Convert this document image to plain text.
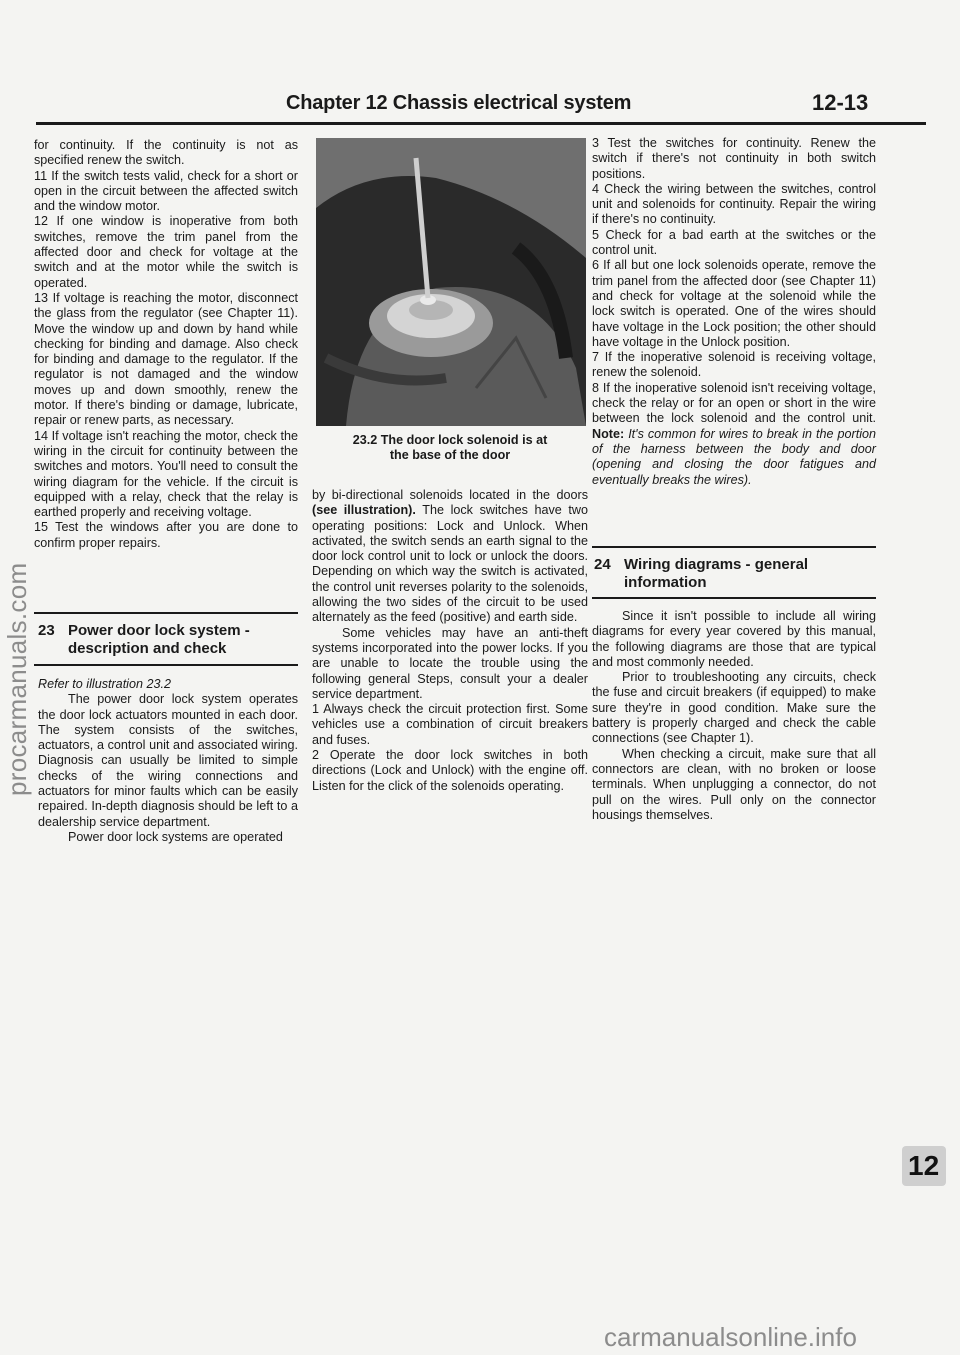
Chapter 12 Chassis electrical system	12-13

for continuity. If the continuity is not as specified renew the switch.

11 If the switch tests valid, check for a short or open in the circuit between the affected switch and the window motor.

12 If one window is inoperative from both switches, remove the trim panel from the affected door and check for voltage at the switch and at the motor while the switch is operated.

13 If voltage is reaching the motor, disconnect the glass from the regulator (see Chapter 11). Move the window up and down by hand while checking for binding and damage. Also check for binding and damage to the regulator. If the regulator is not damaged and the window moves up and down smoothly, renew the motor. If there's binding or damage, lubricate, repair or renew parts, as necessary.

14 If voltage isn't reaching the motor, check the wiring in the circuit for continuity between the switches and motors. You'll need to consult the wiring diagram for the vehicle. If the circuit is equipped with a relay, check that the relay is earthed properly and receiving voltage.

15 Test the windows after you are done to confirm proper repairs.

23 Power door lock system -
description and check

Refer to illustration 23.2

The power door lock system operates the door lock actuators mounted in each door. The system consists of the switches, actuators, a control unit and associated wiring. Diagnosis can usually be limited to simple checks of the wiring connections and actuators for minor faults which can be easily repaired. In-depth diagnosis should be left to a dealership service department.

Power door lock systems are operated

23.2 The door lock solenoid is at
the base of the door

by bi-directional solenoids located in the doors (see illustration). The lock switches have two operating positions: Lock and Unlock. When activated, the switch sends an earth signal to the door lock control unit to lock or unlock the doors. Depending on which way the switch is activated, the control unit reverses polarity to the solenoids, allowing the two sides of the circuit to be used alternately as the feed (positive) and earth side.

Some vehicles may have an anti-theft systems incorporated into the power locks. If you are unable to locate the trouble using the following general Steps, consult your a dealer service department.

1 Always check the circuit protection first. Some vehicles use a combination of circuit breakers and fuses.

2 Operate the door lock switches in both directions (Lock and Unlock) with the engine off. Listen for the click of the solenoids operating.

3 Test the switches for continuity. Renew the switch if there's not continuity in both switch positions.

4 Check the wiring between the switches, control unit and solenoids for continuity. Repair the wiring if there's no continuity.

5 Check for a bad earth at the switches or the control unit.

6 If all but one lock solenoids operate, remove the trim panel from the affected door (see Chapter 11) and check for voltage at the solenoid while the lock switch is operated. One of the wires should have voltage in the Lock position; the other should have voltage in the Unlock position.

7 If the inoperative solenoid is receiving voltage, renew the solenoid.

8 If the inoperative solenoid isn't receiving voltage, check the relay or for an open or short in the wire between the lock solenoid and the control unit. Note: It's common for wires to break in the portion of the harness between the body and door (opening and closing the door fatigues and eventually breaks the wires).

24 Wiring diagrams - general
information

Since it isn't possible to include all wiring diagrams for every year covered by this manual, the following diagrams are those that are typical and most commonly needed.

Prior to troubleshooting any circuits, check the fuse and circuit breakers (if equipped) to make sure they're in good condition. Make sure the battery is properly charged and check the cable connections (see Chapter 1).

When checking a circuit, make sure that all connectors are clean, with no broken or loose terminals. When unplugging a connector, do not pull on the wires. Pull only on the connector housings themselves.

12
procarmanuals.com
carmanualsonline.info
